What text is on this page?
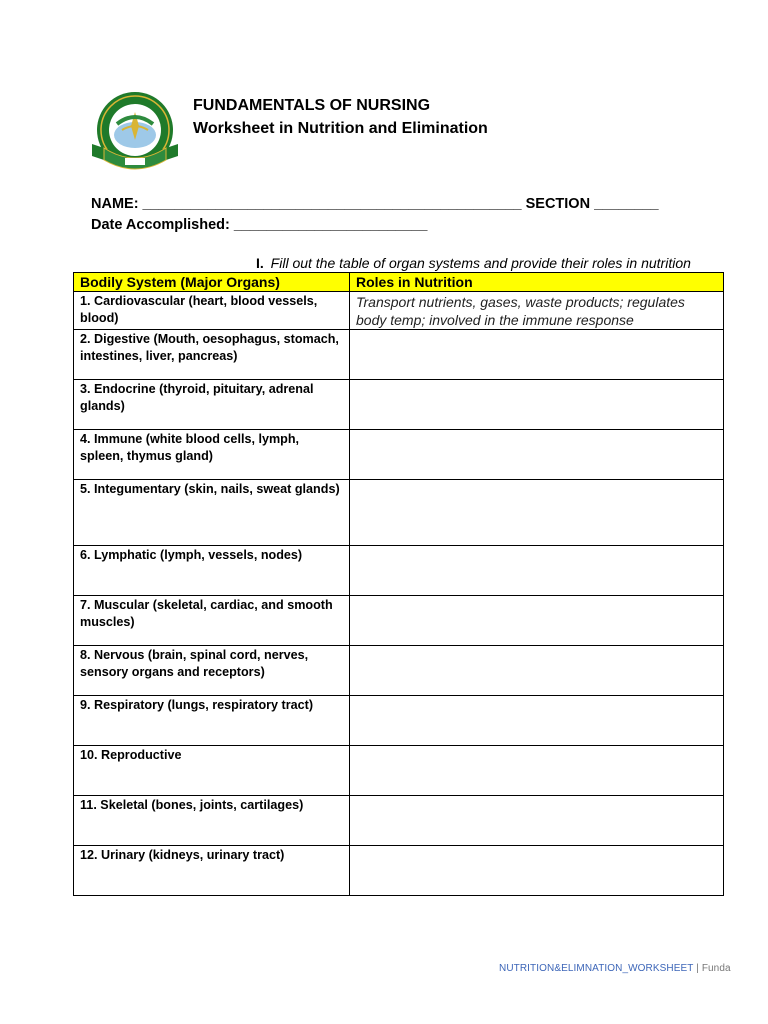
FUNDAMENTALS OF NURSING
Worksheet in Nutrition and Elimination
NAME: _______________________________________________ SECTION ________
Date Accomplished: ________________________
I. Fill out the table of organ systems and provide their roles in nutrition
Bodily System (Major Organs)	Roles in Nutrition
1. Cardiovascular (heart, blood vessels, blood)	Transport nutrients, gases, waste products; regulates body temp; involved in the immune response
2. Digestive (Mouth, oesophagus, stomach, intestines, liver, pancreas)	
3. Endocrine (thyroid, pituitary, adrenal glands)	
4. Immune (white blood cells, lymph, spleen, thymus gland)	
5. Integumentary (skin, nails, sweat glands)	
6. Lymphatic (lymph, vessels, nodes)	
7. Muscular (skeletal, cardiac, and smooth muscles)	
8. Nervous (brain, spinal cord, nerves, sensory organs and receptors)	
9. Respiratory (lungs, respiratory tract)	
10. Reproductive	
11. Skeletal (bones, joints, cartilages)	
12. Urinary (kidneys, urinary tract)	
NUTRITION&ELIMNATION_WORKSHEET | Funda
